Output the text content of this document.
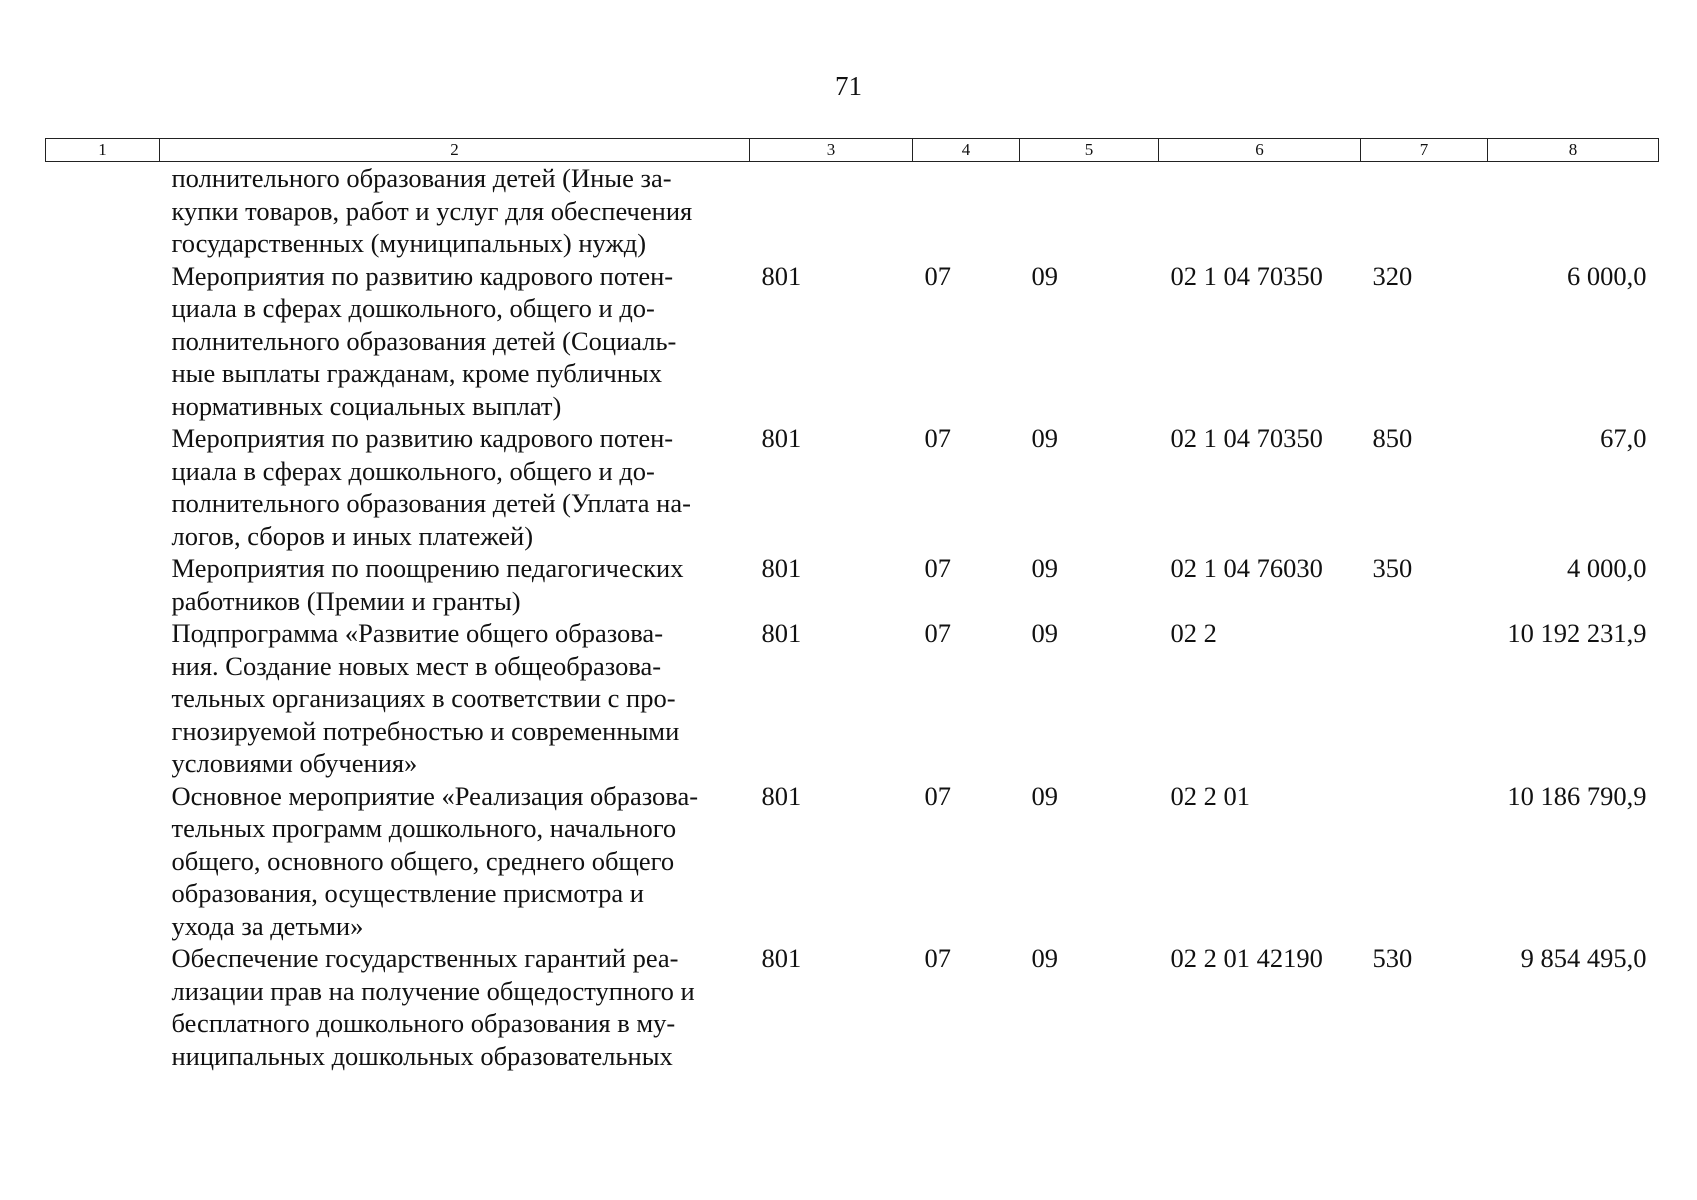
71
1	2	3	4	5	6	7	8

	полнительного образования детей (Иные за-
купки товаров, работ и услуг для обеспечения
государственных (муниципальных) нужд)						

	Мероприятия по развитию кадрового потен-
циала в сферах дошкольного, общего и до-
полнительного образования детей (Социаль-
ные выплаты гражданам, кроме публичных
нормативных социальных выплат)	801	07	09	02 1 04 70350	320	6 000,0

	Мероприятия по развитию кадрового потен-
циала в сферах дошкольного, общего и до-
полнительного образования детей (Уплата на-
логов, сборов и иных платежей)	801	07	09	02 1 04 70350	850	67,0

	Мероприятия по поощрению педагогических
работников (Премии и гранты)	801	07	09	02 1 04 76030	350	4 000,0

	Подпрограмма «Развитие общего образова-
ния. Создание новых мест в общеобразова-
тельных организациях в соответствии с про-
гнозируемой потребностью и современными
условиями обучения»	801	07	09	02 2		10 192 231,9

	Основное мероприятие «Реализация образова-
тельных программ дошкольного, начального
общего, основного общего, среднего общего
образования, осуществление присмотра и
ухода за детьми»	801	07	09	02 2 01		10 186 790,9

	Обеспечение государственных гарантий реа-
лизации прав на получение общедоступного и
бесплатного дошкольного образования в му-
ниципальных дошкольных образовательных	801	07	09	02 2 01 42190	530	9 854 495,0
